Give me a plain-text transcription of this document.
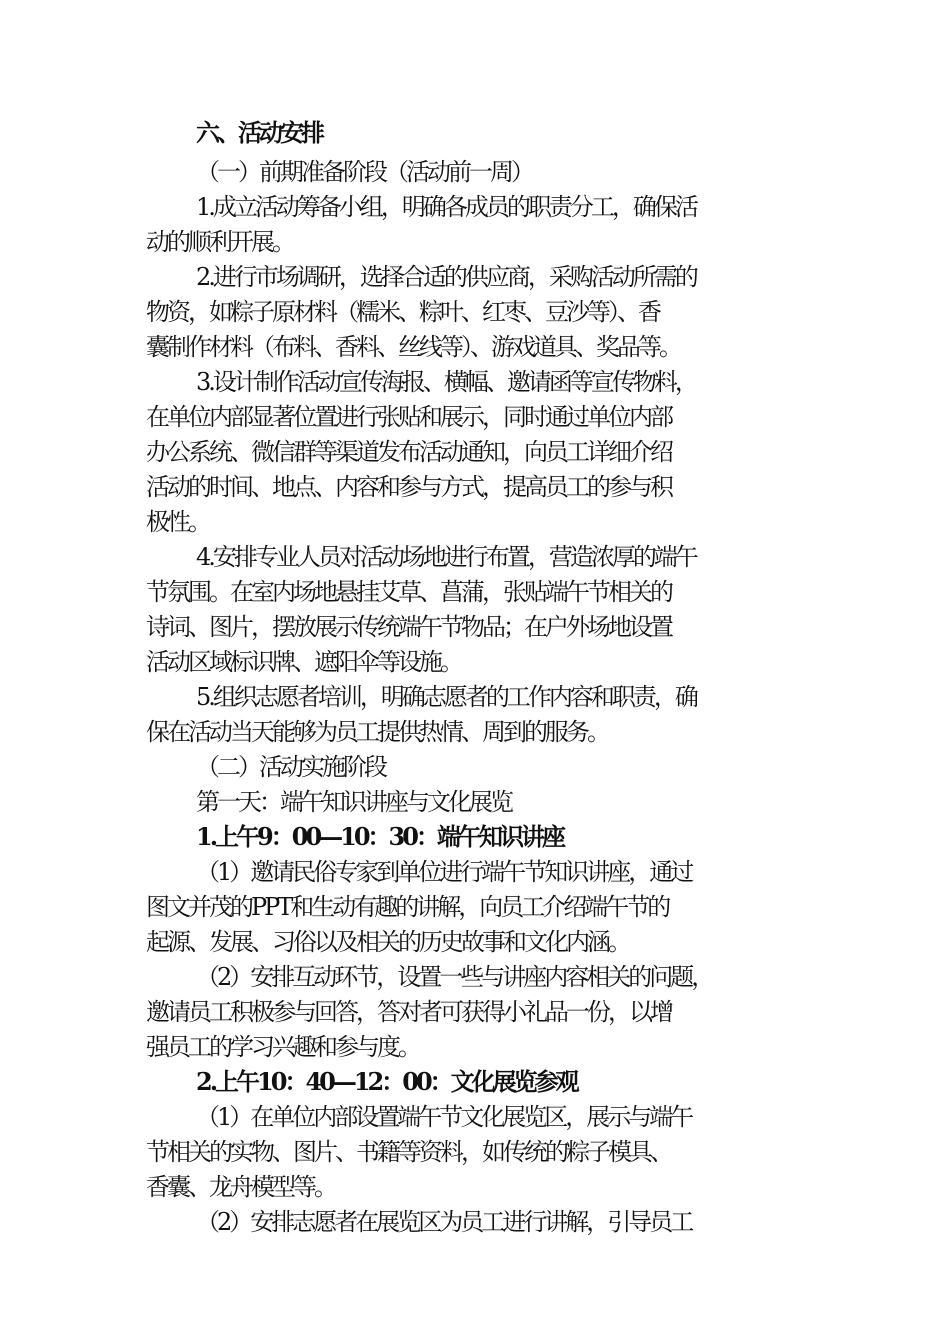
六、活动安排
（一）前期准备阶段（活动前一周）
1.成立活动筹备小组，明确各成员的职责分工，确保活
动的顺利开展。
2.进行市场调研，选择合适的供应商，采购活动所需的
物资，如粽子原材料（糯米、粽叶、红枣、豆沙等）、香
囊制作材料（布料、香料、丝线等）、游戏道具、奖品等。
3.设计制作活动宣传海报、横幅、邀请函等宣传物料，
在单位内部显著位置进行张贴和展示，同时通过单位内部
办公系统、微信群等渠道发布活动通知，向员工详细介绍
活动的时间、地点、内容和参与方式，提高员工的参与积
极性。
4.安排专业人员对活动场地进行布置，营造浓厚的端午
节氛围。在室内场地悬挂艾草、菖蒲，张贴端午节相关的
诗词、图片，摆放展示传统端午节物品；在户外场地设置
活动区域标识牌、遮阳伞等设施。
5.组织志愿者培训，明确志愿者的工作内容和职责，确
保在活动当天能够为员工提供热情、周到的服务。
（二）活动实施阶段
第一天：端午知识讲座与文化展览
1.上午9：00—10：30：端午知识讲座
（1）邀请民俗专家到单位进行端午节知识讲座，通过
图文并茂的PPT和生动有趣的讲解，向员工介绍端午节的
起源、发展、习俗以及相关的历史故事和文化内涵。
（2）安排互动环节，设置一些与讲座内容相关的问题，
邀请员工积极参与回答，答对者可获得小礼品一份，以增
强员工的学习兴趣和参与度。
2.上午10：40—12：00：文化展览参观
（1）在单位内部设置端午节文化展览区，展示与端午
节相关的实物、图片、书籍等资料，如传统的粽子模具、
香囊、龙舟模型等。
（2）安排志愿者在展览区为员工进行讲解，引导员工
